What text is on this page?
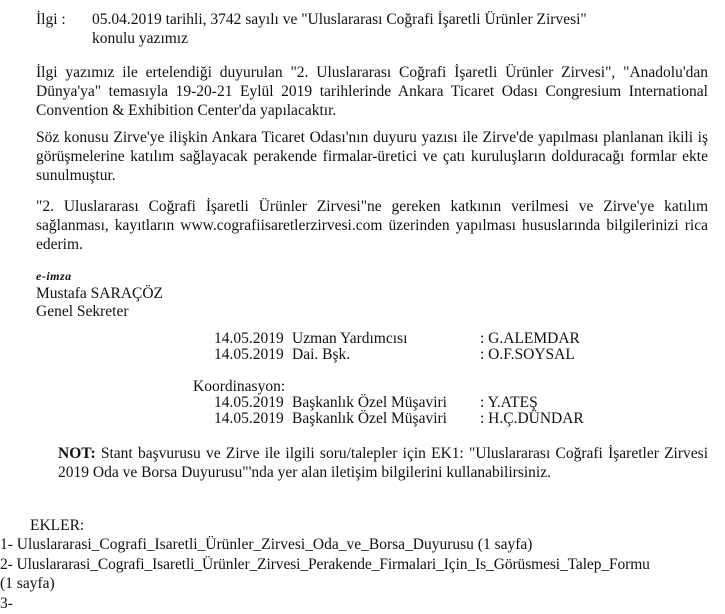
İlgi : 05.04.2019 tarihli, 3742 sayılı ve "Uluslararası Coğrafi İşaretli Ürünler Zirvesi"
konulu yazımız
İlgi yazımız ile ertelendiği duyurulan "2. Uluslararası Coğrafi İşaretli Ürünler Zirvesi", "Anadolu'dan Dünya'ya" temasıyla 19-20-21 Eylül 2019 tarihlerinde Ankara Ticaret Odası Congresium International Convention & Exhibition Center'da yapılacaktır.
Söz konusu Zirve'ye ilişkin Ankara Ticaret Odası'nın duyuru yazısı ile Zirve'de yapılması planlanan ikili iş görüşmelerine katılım sağlayacak perakende firmalar-üretici ve çatı kuruluşların dolduracağı formlar ekte sunulmuştur.
"2. Uluslararası Coğrafi İşaretli Ürünler Zirvesi"ne gereken katkının verilmesi ve Zirve'ye katılım sağlanması, kayıtların www.cografiisaretlerzirvesi.com üzerinden yapılması hususlarında bilgilerinizi rica ederim.
e-imza
Mustafa SARAÇÖZ
Genel Sekreter
14.05.2019 Uzman Yardımcısı	: G.ALEMDAR
14.05.2019 Dai. Bşk.	: O.F.SOYSAL
Koordinasyon:
14.05.2019 Başkanlık Özel Müşaviri : Y.ATEŞ
14.05.2019 Başkanlık Özel Müşaviri : H.Ç.DÜNDAR
NOT: Stant başvurusu ve Zirve ile ilgili soru/talepler için EK1: "Uluslararası Coğrafi İşaretler Zirvesi 2019 Oda ve Borsa Duyurusu"'nda yer alan iletişim bilgilerini kullanabilirsiniz.
EKLER:
1- Uluslararasi_Cografi_Isaretli_Ürünler_Zirvesi_Oda_ve_Borsa_Duyurusu (1 sayfa)
2- Uluslararasi_Cografi_Isaretli_Ürünler_Zirvesi_Perakende_Firmalari_Için_Is_Görüsmesi_Talep_Formu
(1 sayfa)
3-
